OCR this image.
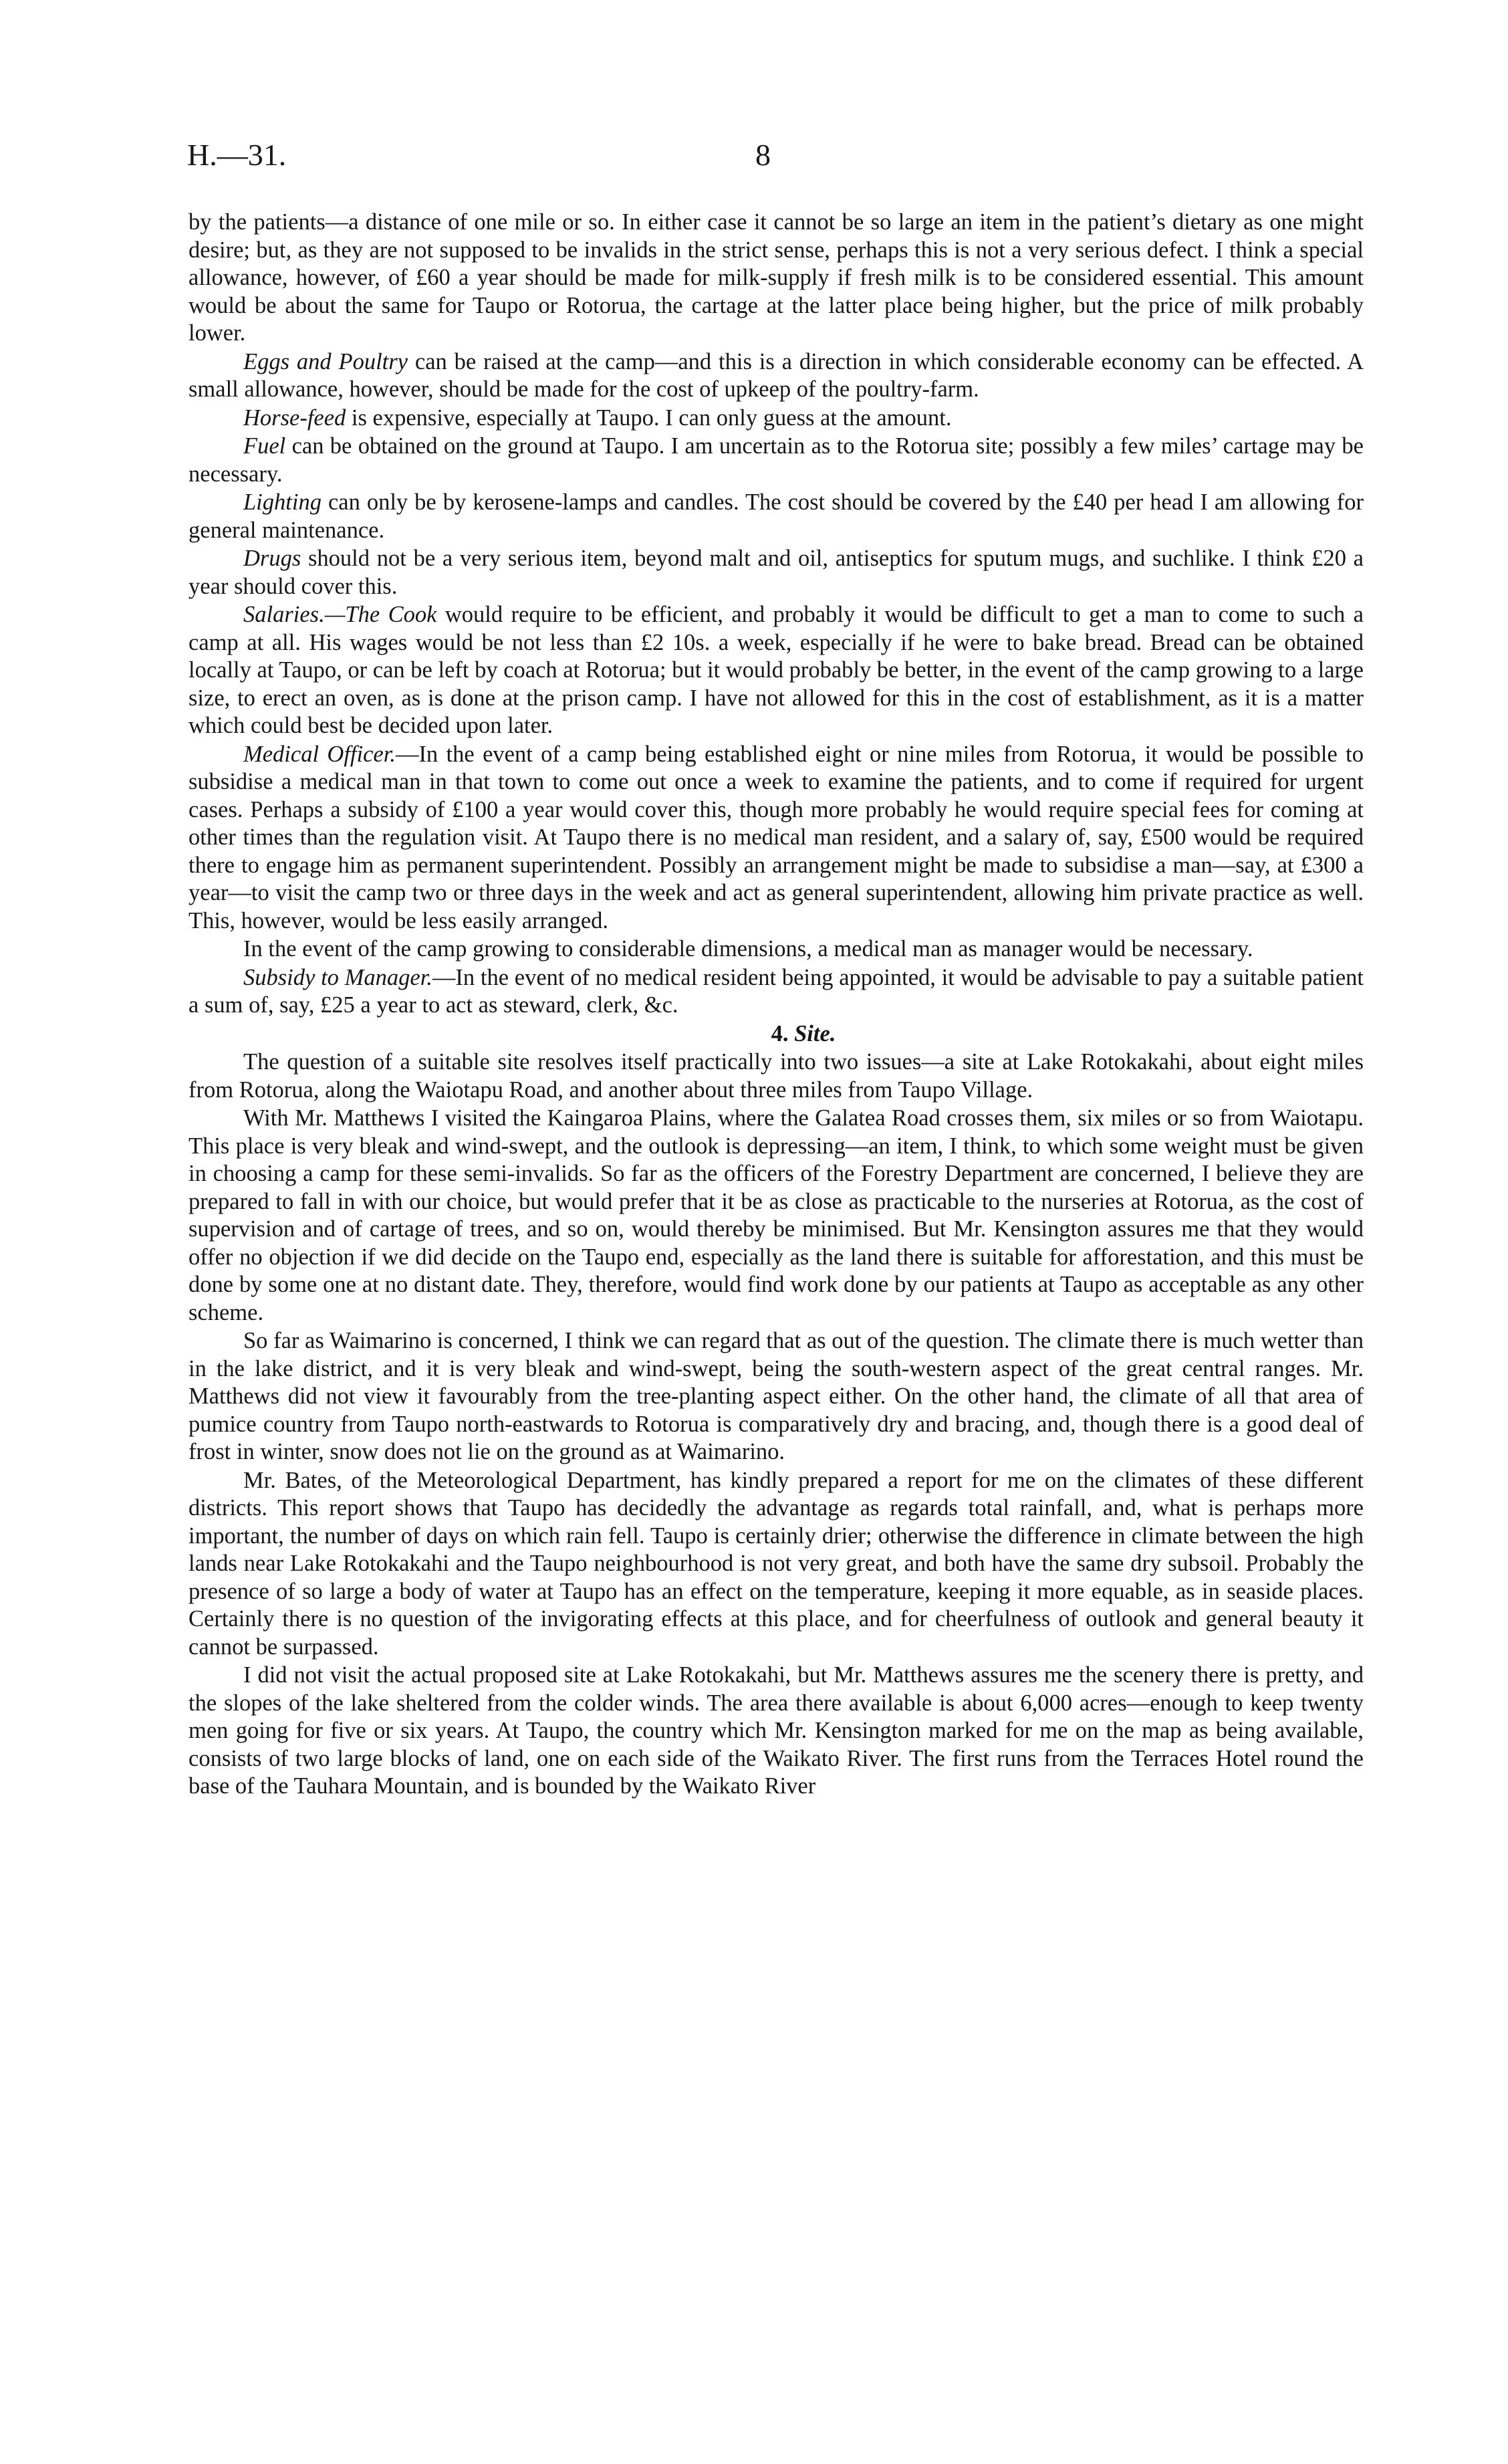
H.—31.	8

by the patients—a distance of one mile or so. In either case it cannot be so large an item in the patient’s dietary as one might desire; but, as they are not supposed to be invalids in the strict sense, perhaps this is not a very serious defect. I think a special allowance, however, of £60 a year should be made for milk-supply if fresh milk is to be considered essential. This amount would be about the same for Taupo or Rotorua, the cartage at the latter place being higher, but the price of milk probably lower.

Eggs and Poultry can be raised at the camp—and this is a direction in which considerable economy can be effected. A small allowance, however, should be made for the cost of upkeep of the poultry-farm.

Horse-feed is expensive, especially at Taupo. I can only guess at the amount.

Fuel can be obtained on the ground at Taupo. I am uncertain as to the Rotorua site; possibly a few miles’ cartage may be necessary.

Lighting can only be by kerosene-lamps and candles. The cost should be covered by the £40 per head I am allowing for general maintenance.

Drugs should not be a very serious item, beyond malt and oil, antiseptics for sputum mugs, and suchlike. I think £20 a year should cover this.

Salaries.—The Cook would require to be efficient, and probably it would be difficult to get a man to come to such a camp at all. His wages would be not less than £2 10s. a week, especially if he were to bake bread. Bread can be obtained locally at Taupo, or can be left by coach at Rotorua; but it would probably be better, in the event of the camp growing to a large size, to erect an oven, as is done at the prison camp. I have not allowed for this in the cost of establishment, as it is a matter which could best be decided upon later.

Medical Officer.—In the event of a camp being established eight or nine miles from Rotorua, it would be possible to subsidise a medical man in that town to come out once a week to examine the patients, and to come if required for urgent cases. Perhaps a subsidy of £100 a year would cover this, though more probably he would require special fees for coming at other times than the regulation visit. At Taupo there is no medical man resident, and a salary of, say, £500 would be required there to engage him as permanent superintendent. Possibly an arrangement might be made to subsidise a man—say, at £300 a year—to visit the camp two or three days in the week and act as general superintendent, allowing him private practice as well. This, however, would be less easily arranged.

In the event of the camp growing to considerable dimensions, a medical man as manager would be necessary.

Subsidy to Manager.—In the event of no medical resident being appointed, it would be advisable to pay a suitable patient a sum of, say, £25 a year to act as steward, clerk, &c.

4. Site.

The question of a suitable site resolves itself practically into two issues—a site at Lake Rotokakahi, about eight miles from Rotorua, along the Waiotapu Road, and another about three miles from Taupo Village.

With Mr. Matthews I visited the Kaingaroa Plains, where the Galatea Road crosses them, six miles or so from Waiotapu. This place is very bleak and wind-swept, and the outlook is depressing—an item, I think, to which some weight must be given in choosing a camp for these semi-invalids. So far as the officers of the Forestry Department are concerned, I believe they are prepared to fall in with our choice, but would prefer that it be as close as practicable to the nurseries at Rotorua, as the cost of supervision and of cartage of trees, and so on, would thereby be minimised. But Mr. Kensington assures me that they would offer no objection if we did decide on the Taupo end, especially as the land there is suitable for afforestation, and this must be done by some one at no distant date. They, therefore, would find work done by our patients at Taupo as acceptable as any other scheme.

So far as Waimarino is concerned, I think we can regard that as out of the question. The climate there is much wetter than in the lake district, and it is very bleak and wind-swept, being the south-western aspect of the great central ranges. Mr. Matthews did not view it favourably from the tree-planting aspect either. On the other hand, the climate of all that area of pumice country from Taupo north-eastwards to Rotorua is comparatively dry and bracing, and, though there is a good deal of frost in winter, snow does not lie on the ground as at Waimarino.

Mr. Bates, of the Meteorological Department, has kindly prepared a report for me on the climates of these different districts. This report shows that Taupo has decidedly the advantage as regards total rainfall, and, what is perhaps more important, the number of days on which rain fell. Taupo is certainly drier; otherwise the difference in climate between the high lands near Lake Rotokakahi and the Taupo neighbourhood is not very great, and both have the same dry subsoil. Probably the presence of so large a body of water at Taupo has an effect on the temperature, keeping it more equable, as in seaside places. Certainly there is no question of the invigorating effects at this place, and for cheerfulness of outlook and general beauty it cannot be surpassed.

I did not visit the actual proposed site at Lake Rotokakahi, but Mr. Matthews assures me the scenery there is pretty, and the slopes of the lake sheltered from the colder winds. The area there available is about 6,000 acres—enough to keep twenty men going for five or six years. At Taupo, the country which Mr. Kensington marked for me on the map as being available, consists of two large blocks of land, one on each side of the Waikato River. The first runs from the Terraces Hotel round the base of the Tauhara Mountain, and is bounded by the Waikato River
